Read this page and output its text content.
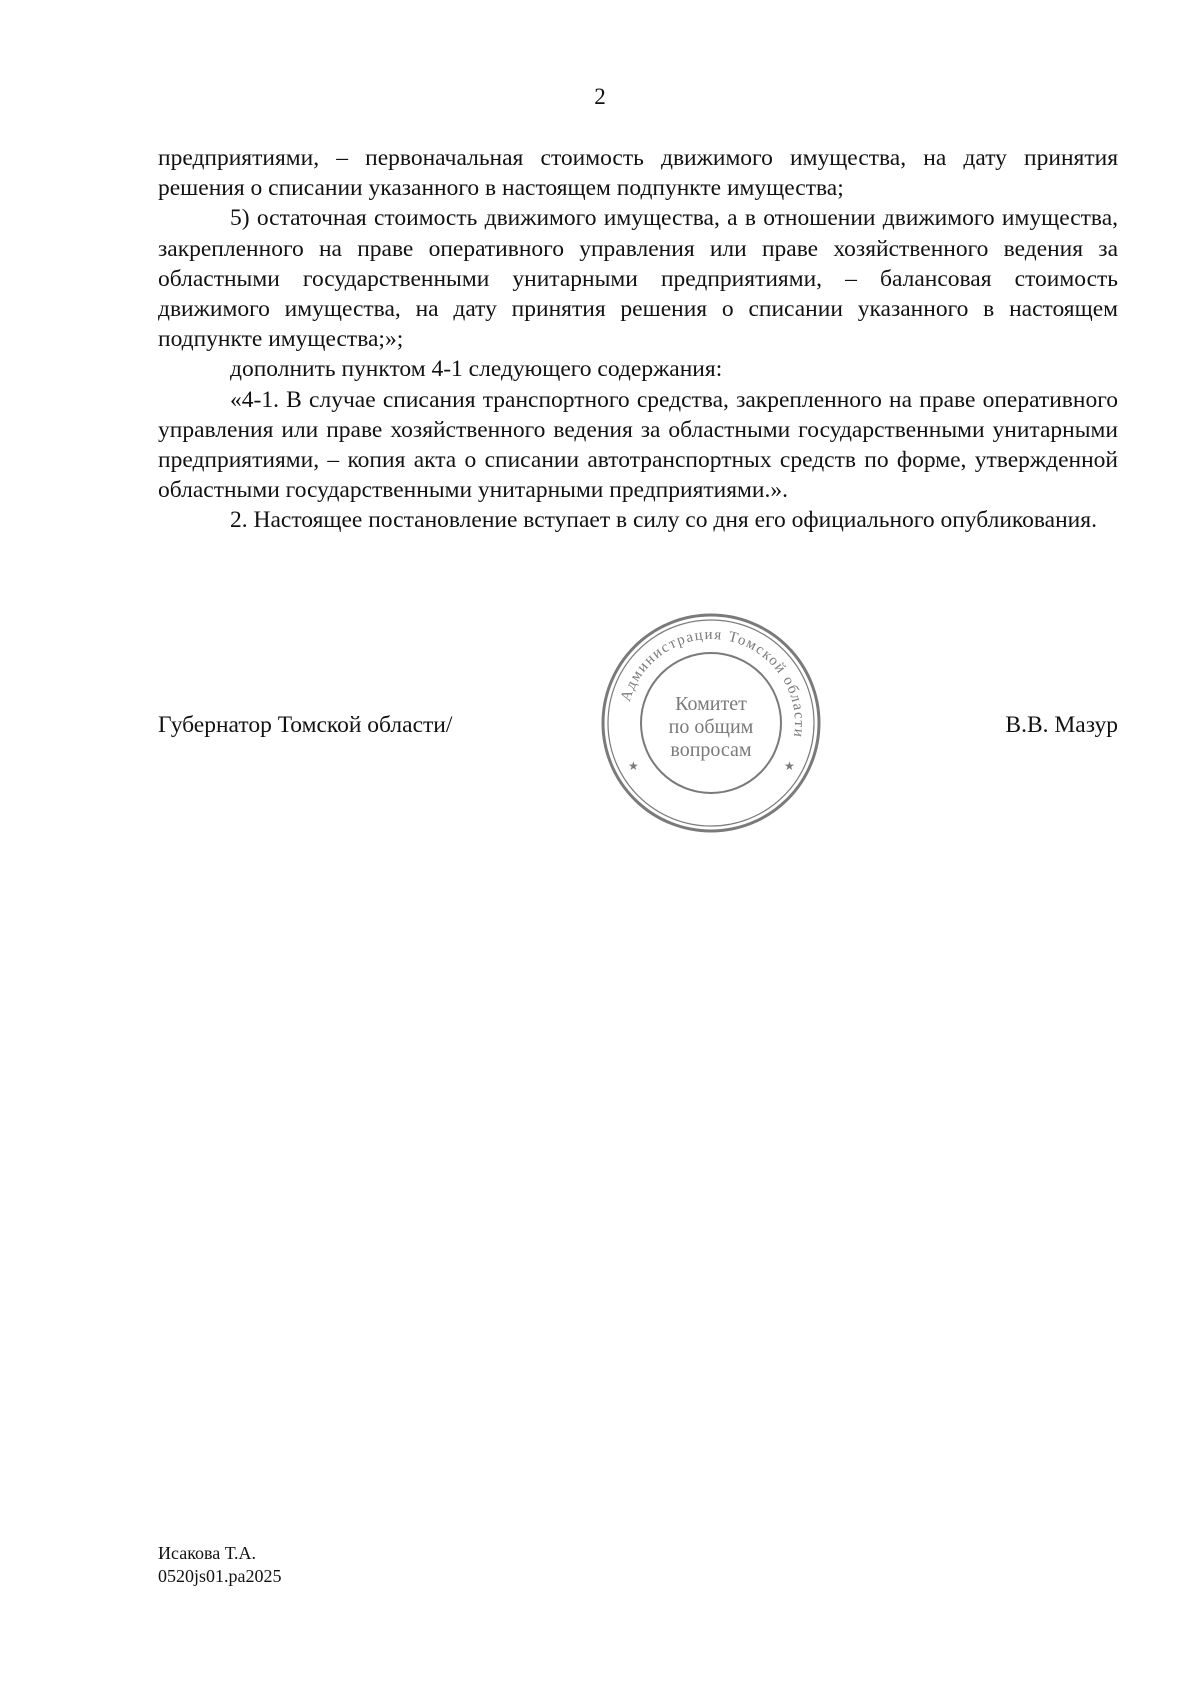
2

предприятиями, – первоначальная стоимость движимого имущества, на дату принятия решения о списании указанного в настоящем подпункте имущества;

5) остаточная стоимость движимого имущества, а в отношении движимого имущества, закрепленного на праве оперативного управления или праве хозяйственного ведения за областными государственными унитарными предприятиями, – балансовая стоимость движимого имущества, на дату принятия решения о списании указанного в настоящем подпункте имущества;»;

дополнить пунктом 4-1 следующего содержания:

«4-1. В случае списания транспортного средства, закрепленного на праве оперативного управления или праве хозяйственного ведения за областными государственными унитарными предприятиями, – копия акта о списании автотранспортных средств по форме, утвержденной областными государственными унитарными предприятиями.».

2. Настоящее постановление вступает в силу со дня его официального опубликования.

Губернатор Томской области/	В.В. Мазур
Администрация Томской области
★	★
Комитет
по общим
вопросам
Исакова Т.А.
0520js01.pa2025
